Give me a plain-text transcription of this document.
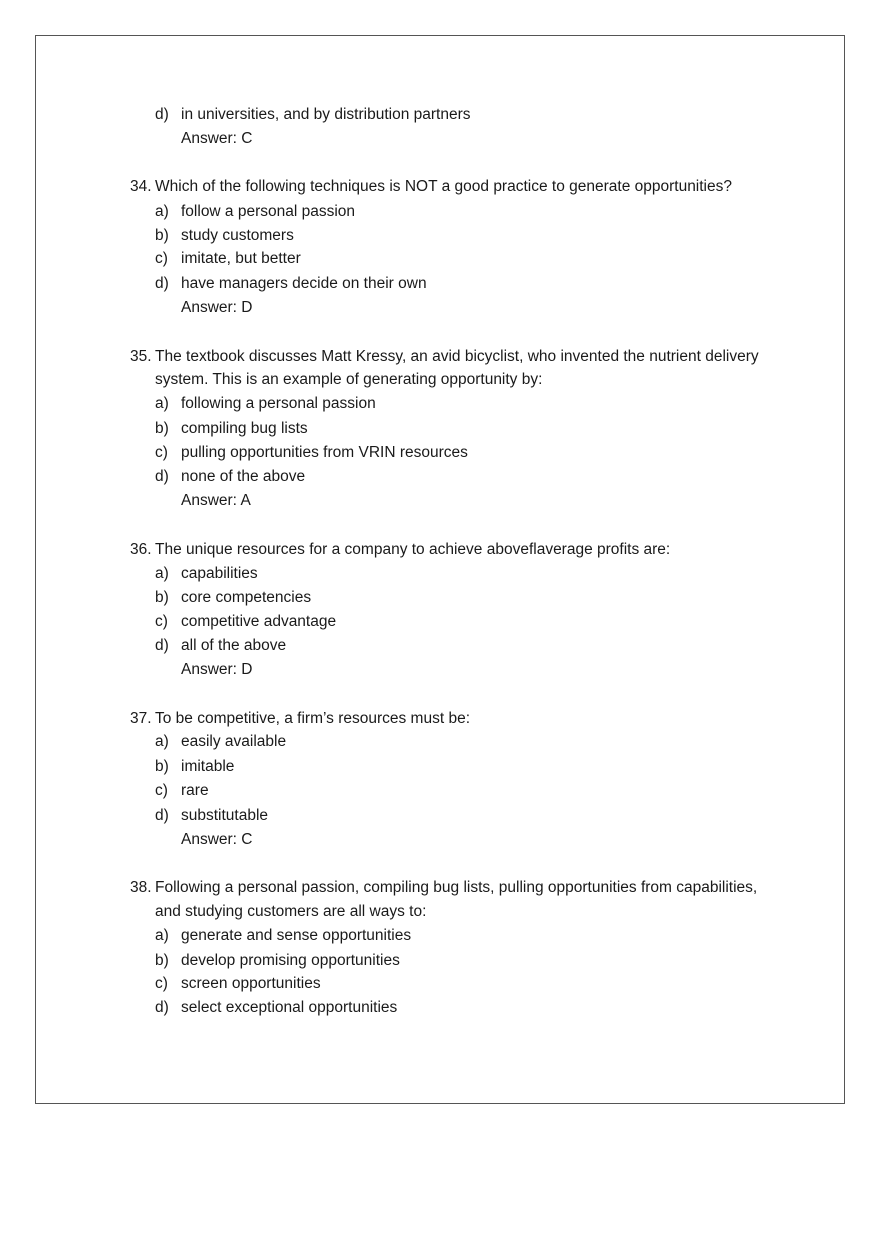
d) in universities, and by distribution partners
Answer: C
34. Which of the following techniques is NOT a good practice to generate opportunities?
a) follow a personal passion
b) study customers
c) imitate, but better
d) have managers decide on their own
Answer: D
35. The textbook discusses Matt Kressy, an avid bicyclist, who invented the nutrient delivery
system. This is an example of generating opportunity by:
a) following a personal passion
b) compiling bug lists
c) pulling opportunities from VRIN resources
d) none of the above
Answer: A
36. The unique resources for a company to achieve aboveflaverage profits are:
a) capabilities
b) core competencies
c) competitive advantage
d) all of the above
Answer: D
37. To be competitive, a firm’s resources must be:
a) easily available
b) imitable
c) rare
d) substitutable
Answer: C
38. Following a personal passion, compiling bug lists, pulling opportunities from capabilities,
and studying customers are all ways to:
a) generate and sense opportunities
b) develop promising opportunities
c) screen opportunities
d) select exceptional opportunities
